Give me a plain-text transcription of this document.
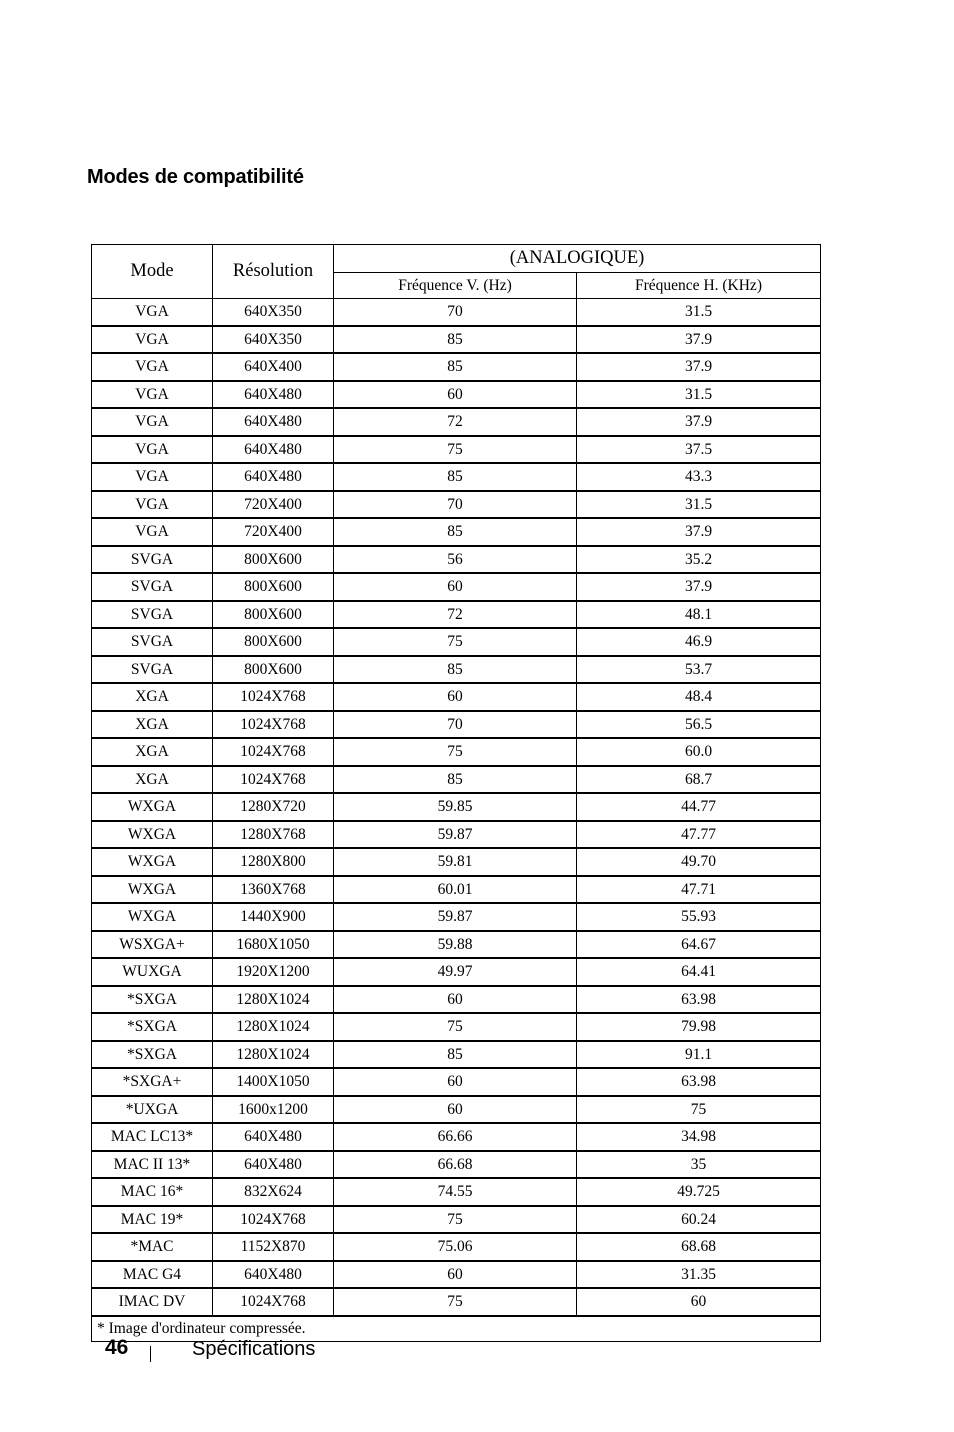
Modes de compatibilité
Mode	Résolution	(ANALOGIQUE)	
		Fréquence V. (Hz)	Fréquence H. (KHz)
VGA	640X350	70	31.5
VGA	640X350	85	37.9
VGA	640X400	85	37.9
VGA	640X480	60	31.5
VGA	640X480	72	37.9
VGA	640X480	75	37.5
VGA	640X480	85	43.3
VGA	720X400	70	31.5
VGA	720X400	85	37.9
SVGA	800X600	56	35.2
SVGA	800X600	60	37.9
SVGA	800X600	72	48.1
SVGA	800X600	75	46.9
SVGA	800X600	85	53.7
XGA	1024X768	60	48.4
XGA	1024X768	70	56.5
XGA	1024X768	75	60.0
XGA	1024X768	85	68.7
WXGA	1280X720	59.85	44.77
WXGA	1280X768	59.87	47.77
WXGA	1280X800	59.81	49.70
WXGA	1360X768	60.01	47.71
WXGA	1440X900	59.87	55.93
WSXGA+	1680X1050	59.88	64.67
WUXGA	1920X1200	49.97	64.41
*SXGA	1280X1024	60	63.98
*SXGA	1280X1024	75	79.98
*SXGA	1280X1024	85	91.1
*SXGA+	1400X1050	60	63.98
*UXGA	1600x1200	60	75
MAC LC13*	640X480	66.66	34.98
MAC II 13*	640X480	66.68	35
MAC 16*	832X624	74.55	49.725
MAC 19*	1024X768	75	60.24
*MAC	1152X870	75.06	68.68
MAC G4	640X480	60	31.35
IMAC DV	1024X768	75	60
* Image d'ordinateur compressée.			
46	Spécifications
